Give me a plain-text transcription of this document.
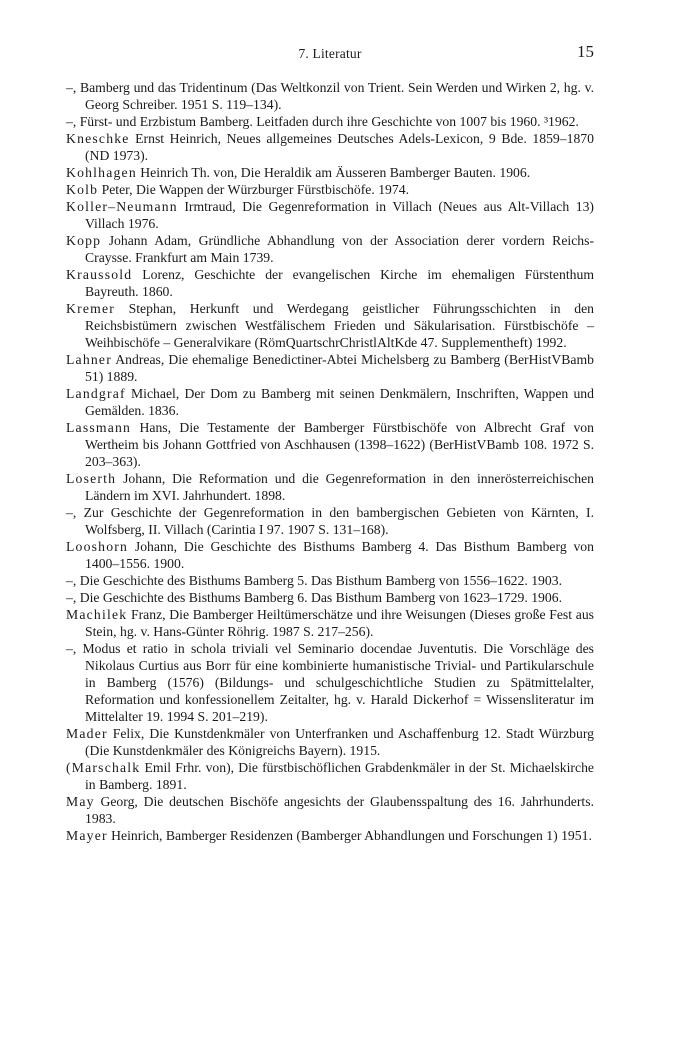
7. Literatur	15

–, Bamberg und das Tridentinum (Das Weltkonzil von Trient. Sein Werden und Wirken 2, hg. v. Georg Schreiber. 1951 S. 119–134).

–, Fürst- und Erzbistum Bamberg. Leitfaden durch ihre Geschichte von 1007 bis 1960. ³1962.

Kneschke Ernst Heinrich, Neues allgemeines Deutsches Adels-Lexicon, 9 Bde. 1859–1870 (ND 1973).

Kohlhagen Heinrich Th. von, Die Heraldik am Äusseren Bamberger Bauten. 1906.

Kolb Peter, Die Wappen der Würzburger Fürstbischöfe. 1974.

Koller–Neumann Irmtraud, Die Gegenreformation in Villach (Neues aus Alt-Villach 13) Villach 1976.

Kopp Johann Adam, Gründliche Abhandlung von der Association derer vordern Reichs-Craysse. Frankfurt am Main 1739.

Kraussold Lorenz, Geschichte der evangelischen Kirche im ehemaligen Fürstenthum Bayreuth. 1860.

Kremer Stephan, Herkunft und Werdegang geistlicher Führungsschichten in den Reichsbistümern zwischen Westfälischem Frieden und Säkularisation. Fürstbischöfe – Weihbischöfe – Generalvikare (RömQuartschrChristlAltKde 47. Supplementheft) 1992.

Lahner Andreas, Die ehemalige Benedictiner-Abtei Michelsberg zu Bamberg (BerHistVBamb 51) 1889.

Landgraf Michael, Der Dom zu Bamberg mit seinen Denkmälern, Inschriften, Wappen und Gemälden. 1836.

Lassmann Hans, Die Testamente der Bamberger Fürstbischöfe von Albrecht Graf von Wertheim bis Johann Gottfried von Aschhausen (1398–1622) (BerHistVBamb 108. 1972 S. 203–363).

Loserth Johann, Die Reformation und die Gegenreformation in den innerösterreichischen Ländern im XVI. Jahrhundert. 1898.

–, Zur Geschichte der Gegenreformation in den bambergischen Gebieten von Kärnten, I. Wolfsberg, II. Villach (Carintia I 97. 1907 S. 131–168).

Looshorn Johann, Die Geschichte des Bisthums Bamberg 4. Das Bisthum Bamberg von 1400–1556. 1900.

–, Die Geschichte des Bisthums Bamberg 5. Das Bisthum Bamberg von 1556–1622. 1903.

–, Die Geschichte des Bisthums Bamberg 6. Das Bisthum Bamberg von 1623–1729. 1906.

Machilek Franz, Die Bamberger Heiltümerschätze und ihre Weisungen (Dieses große Fest aus Stein, hg. v. Hans-Günter Röhrig. 1987 S. 217–256).

–, Modus et ratio in schola triviali vel Seminario docendae Juventutis. Die Vorschläge des Nikolaus Curtius aus Borr für eine kombinierte humanistische Trivial- und Partikularschule in Bamberg (1576) (Bildungs- und schulgeschichtliche Studien zu Spätmittelalter, Reformation und konfessionellem Zeitalter, hg. v. Harald Dickerhof = Wissensliteratur im Mittelalter 19. 1994 S. 201–219).

Mader Felix, Die Kunstdenkmäler von Unterfranken und Aschaffenburg 12. Stadt Würzburg (Die Kunstdenkmäler des Königreichs Bayern). 1915.

(Marschalk Emil Frhr. von), Die fürstbischöflichen Grabdenkmäler in der St. Michaelskirche in Bamberg. 1891.

May Georg, Die deutschen Bischöfe angesichts der Glaubensspaltung des 16. Jahrhunderts. 1983.

Mayer Heinrich, Bamberger Residenzen (Bamberger Abhandlungen und Forschungen 1) 1951.
